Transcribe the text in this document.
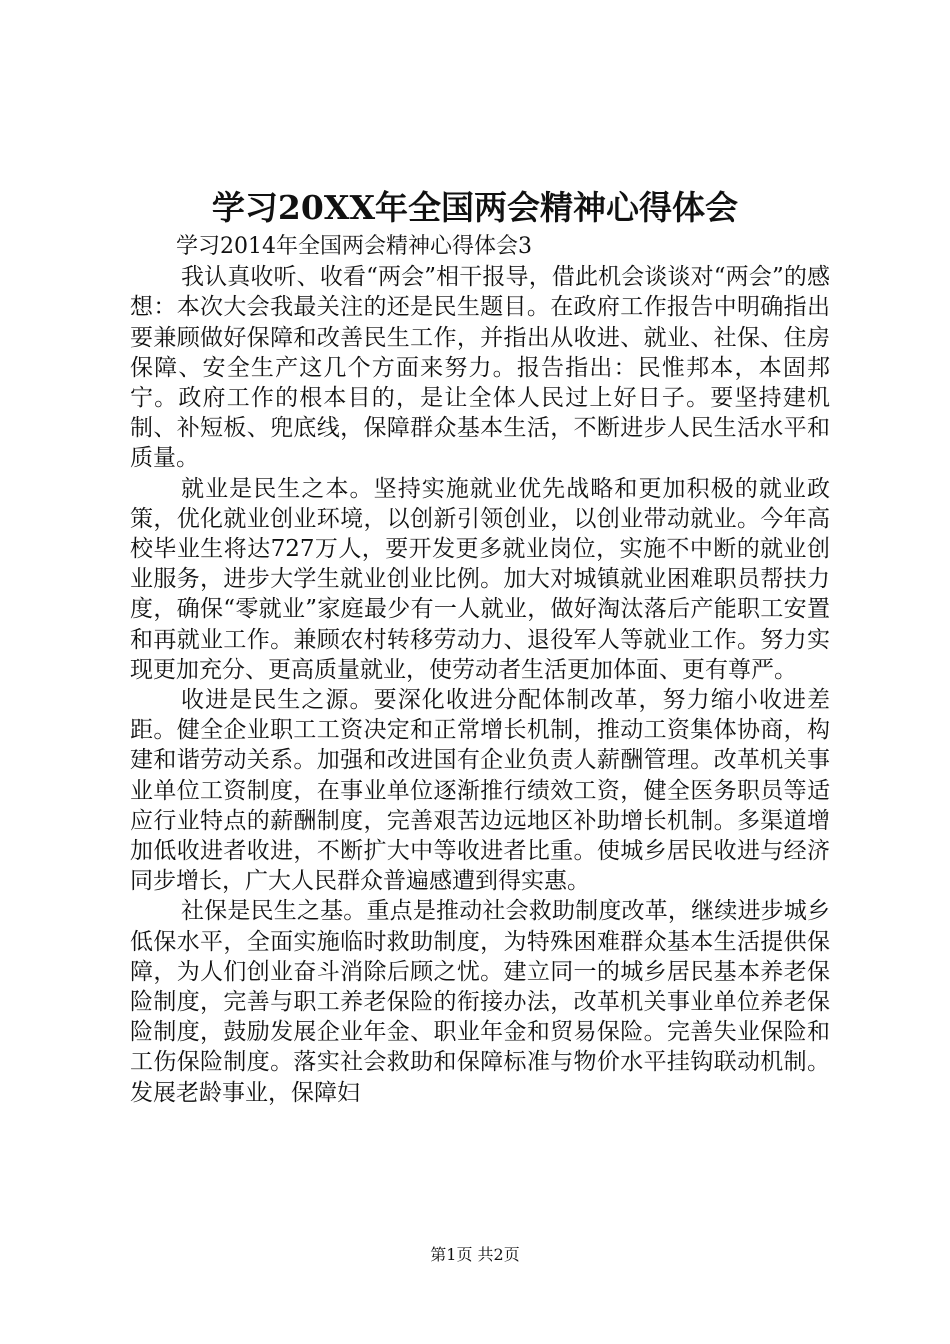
学习20XX年全国两会精神心得体会

学习2014年全国两会精神心得体会3

我认真收听、收看“两会”相干报导，借此机会谈谈对“两会”的感想：本次大会我最关注的还是民生题目。在政府工作报告中明确指出要兼顾做好保障和改善民生工作，并指出从收进、就业、社保、住房保障、安全生产这几个方面来努力。报告指出：民惟邦本，本固邦宁。政府工作的根本目的，是让全体人民过上好日子。要坚持建机制、补短板、兜底线，保障群众基本生活，不断进步人民生活水平和质量。

就业是民生之本。坚持实施就业优先战略和更加积极的就业政策，优化就业创业环境，以创新引领创业，以创业带动就业。今年高校毕业生将达727万人，要开发更多就业岗位，实施不中断的就业创业服务，进步大学生就业创业比例。加大对城镇就业困难职员帮扶力度，确保“零就业”家庭最少有一人就业，做好淘汰落后产能职工安置和再就业工作。兼顾农村转移劳动力、退役军人等就业工作。努力实现更加充分、更高质量就业，使劳动者生活更加体面、更有尊严。

收进是民生之源。要深化收进分配体制改革，努力缩小收进差距。健全企业职工工资决定和正常增长机制，推动工资集体协商，构建和谐劳动关系。加强和改进国有企业负责人薪酬管理。改革机关事业单位工资制度，在事业单位逐渐推行绩效工资，健全医务职员等适应行业特点的薪酬制度，完善艰苦边远地区补助增长机制。多渠道增加低收进者收进，不断扩大中等收进者比重。使城乡居民收进与经济同步增长，广大人民群众普遍感遭到得实惠。

社保是民生之基。重点是推动社会救助制度改革，继续进步城乡低保水平，全面实施临时救助制度，为特殊困难群众基本生活提供保障，为人们创业奋斗消除后顾之忧。建立同一的城乡居民基本养老保险制度，完善与职工养老保险的衔接办法，改革机关事业单位养老保险制度，鼓励发展企业年金、职业年金和贸易保险。完善失业保险和工伤保险制度。落实社会救助和保障标准与物价水平挂钩联动机制。发展老龄事业，保障妇

第1页 共2页
